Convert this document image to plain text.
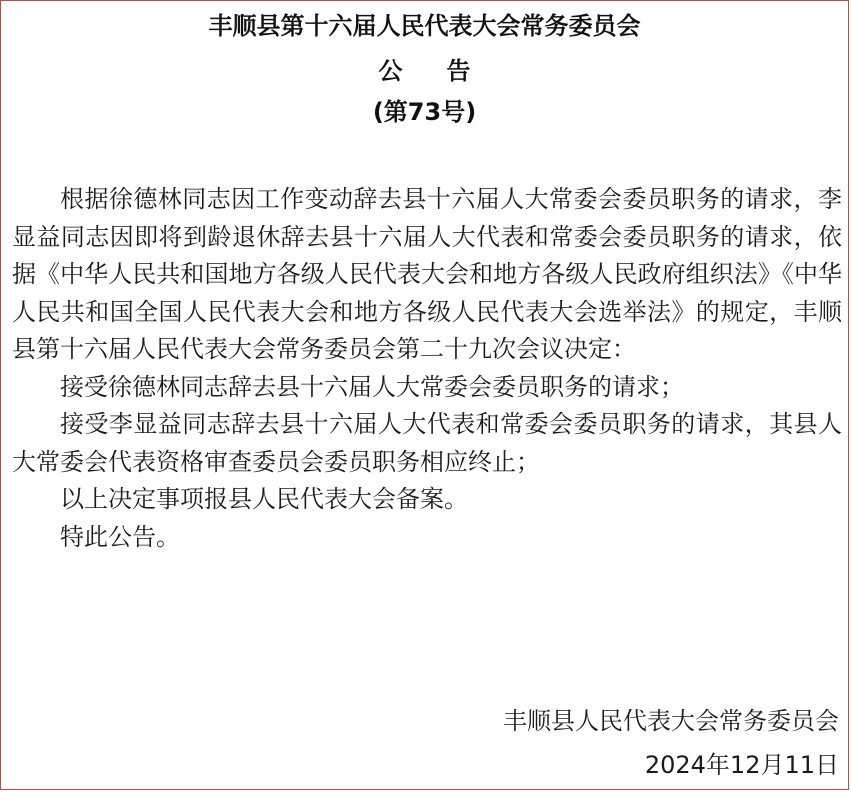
丰顺县第十六届人民代表大会常务委员会
公 告
(第73号)

根据徐德林同志因工作变动辞去县十六届人大常委会委员职务的请求，李显益同志因即将到龄退休辞去县十六届人大代表和常委会委员职务的请求，依据《中华人民共和国地方各级人民代表大会和地方各级人民政府组织法》《中华人民共和国全国人民代表大会和地方各级人民代表大会选举法》的规定，丰顺县第十六届人民代表大会常务委员会第二十九次会议决定：

接受徐德林同志辞去县十六届人大常委会委员职务的请求；

接受李显益同志辞去县十六届人大代表和常委会委员职务的请求，其县人大常委会代表资格审查委员会委员职务相应终止；

以上决定事项报县人民代表大会备案。

特此公告。

丰顺县人民代表大会常务委员会

2024年12月11日
